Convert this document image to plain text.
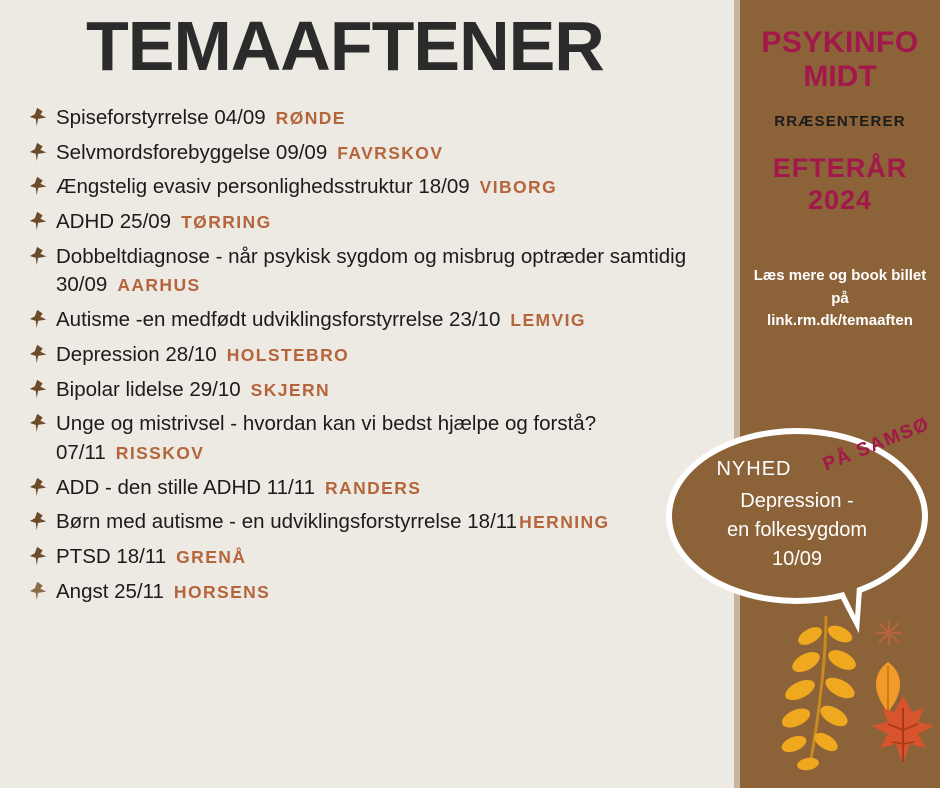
PSYKINFO
MIDT
RRÆSENTERER
EFTERÅR
2024
Læs mere og book billet på
link.rm.dk/temaaften
TEMAAFTENER
Spiseforstyrrelse 04/09 RØNDE
Selvmordsforebyggelse 09/09 FAVRSKOV
Ængstelig evasiv personlighedsstruktur 18/09 VIBORG
ADHD 25/09 TØRRING
Dobbeltdiagnose - når psykisk sygdom og misbrug optræder samtidig 30/09 AARHUS
Autisme -en medfødt udviklingsforstyrrelse 23/10 LEMVIG
Depression 28/10 HOLSTEBRO
Bipolar lidelse 29/10 SKJERN
Unge og mistrivsel - hvordan kan vi bedst hjælpe og forstå? 07/11 RISSKOV
ADD - den stille ADHD 11/11 RANDERS
Børn med autisme - en udviklingsforstyrrelse 18/11 HERNING
PTSD 18/11 GRENÅ
Angst 25/11 HORSENS
NYHED
Depression -
en folkesygdom
10/09
PÅ SAMSØ
